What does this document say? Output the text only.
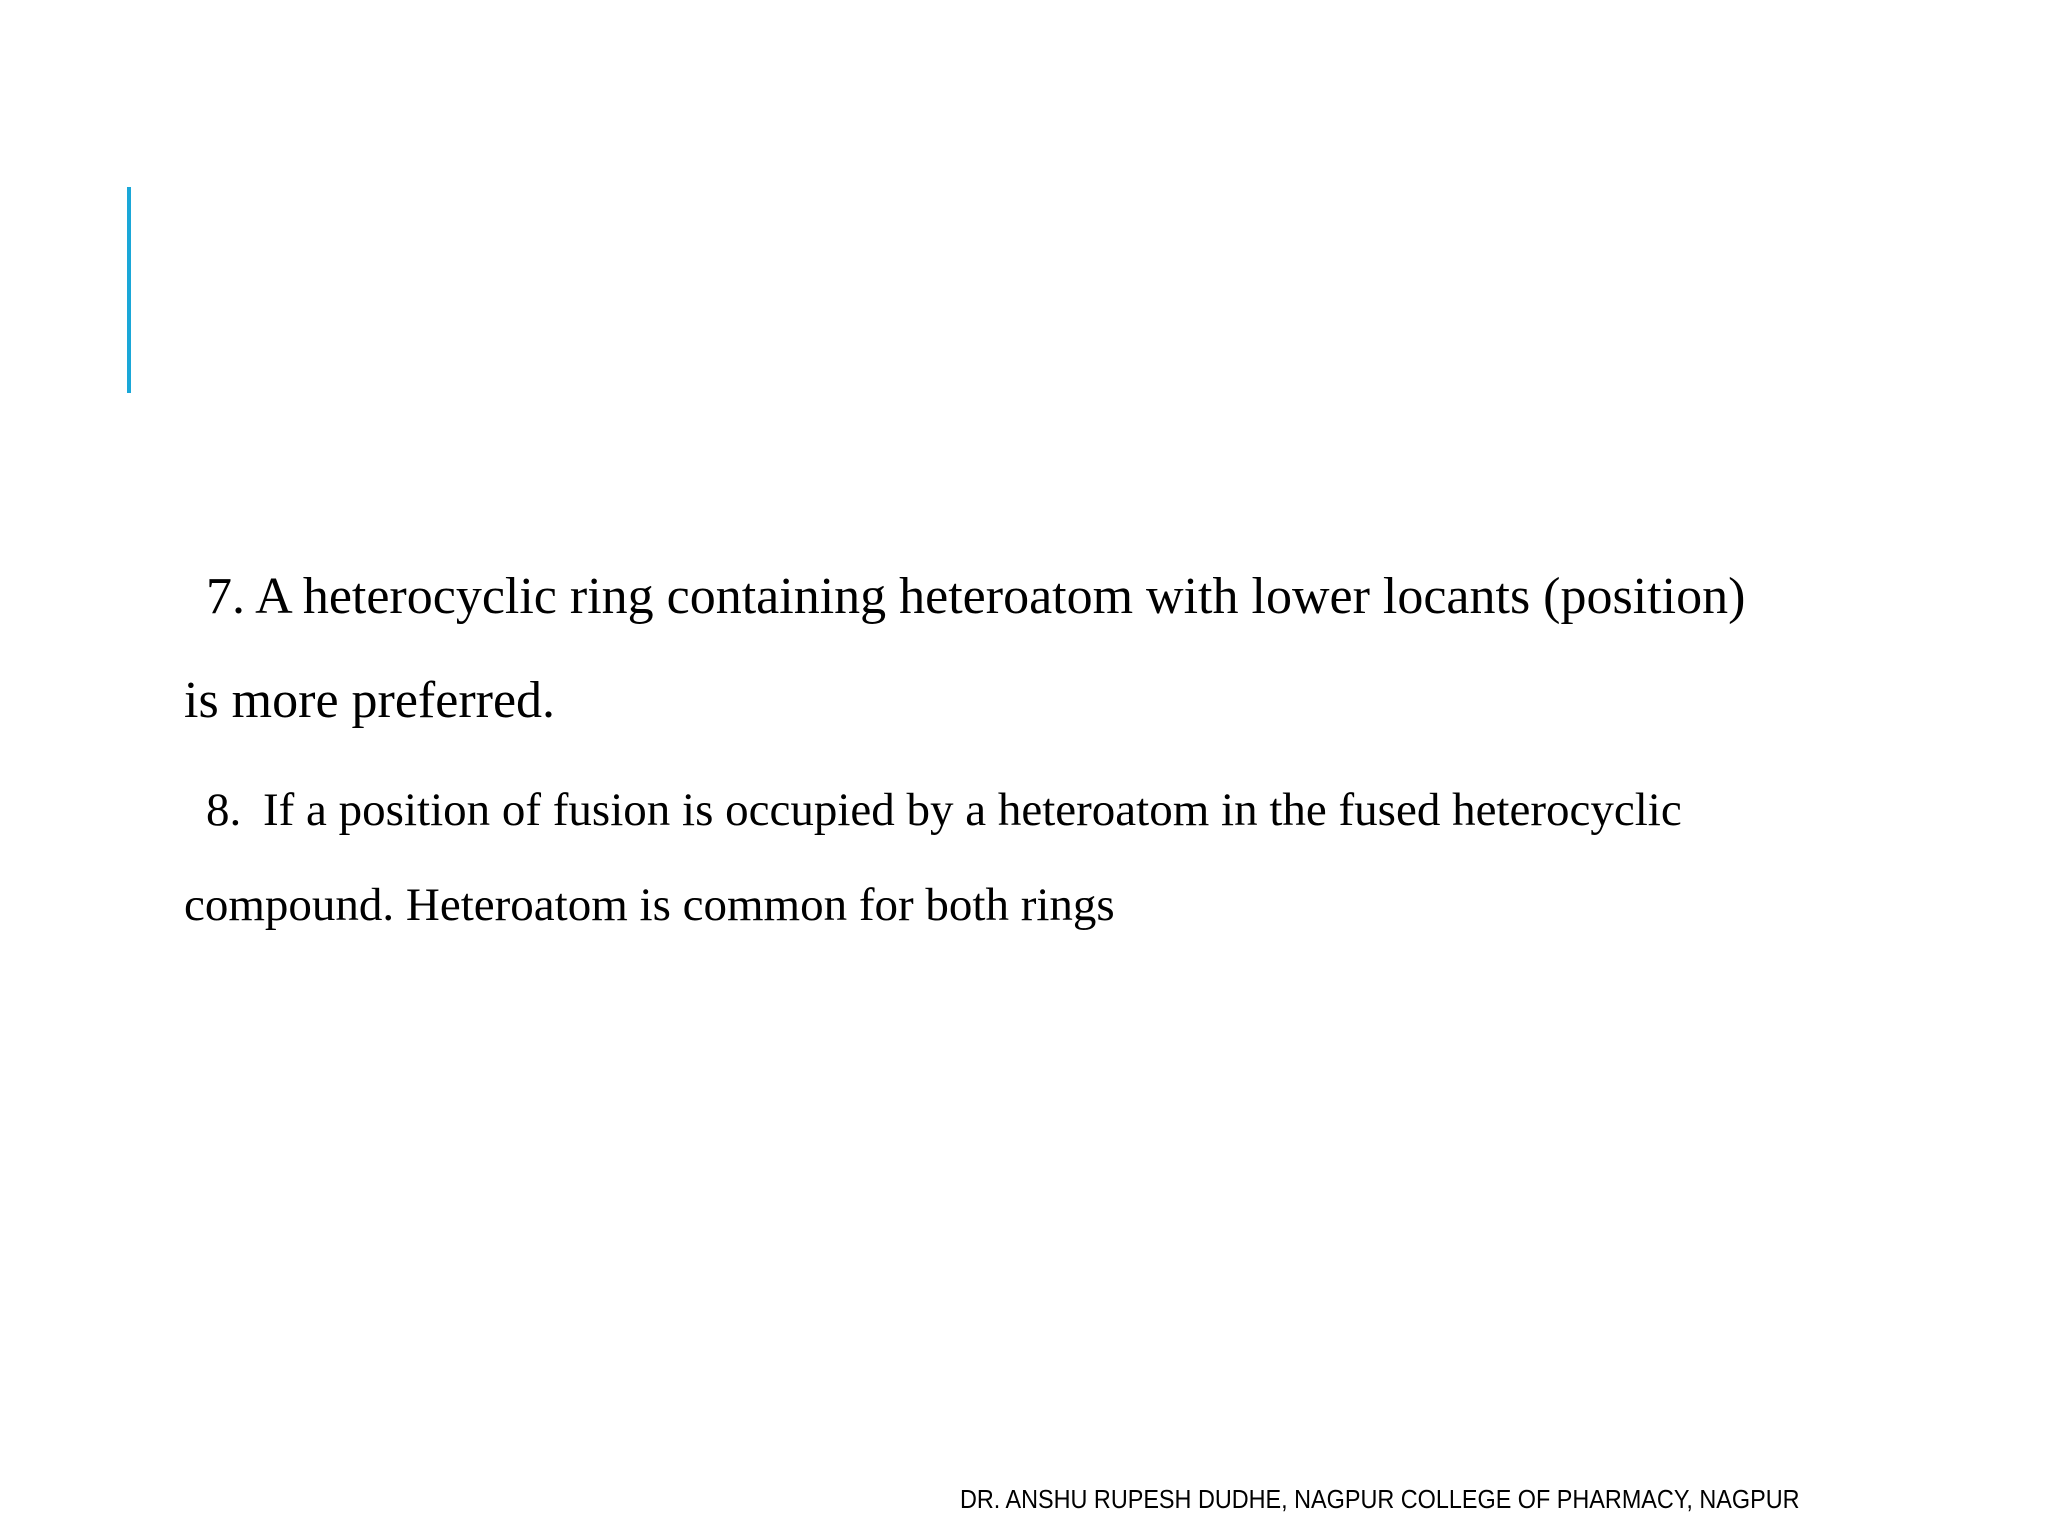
7. A heterocyclic ring containing heteroatom with lower locants (position) is more preferred.

8. If a position of fusion is occupied by a heteroatom in the fused heterocyclic compound. Heteroatom is common for both rings

DR. ANSHU RUPESH DUDHE, NAGPUR COLLEGE OF PHARMACY, NAGPUR
